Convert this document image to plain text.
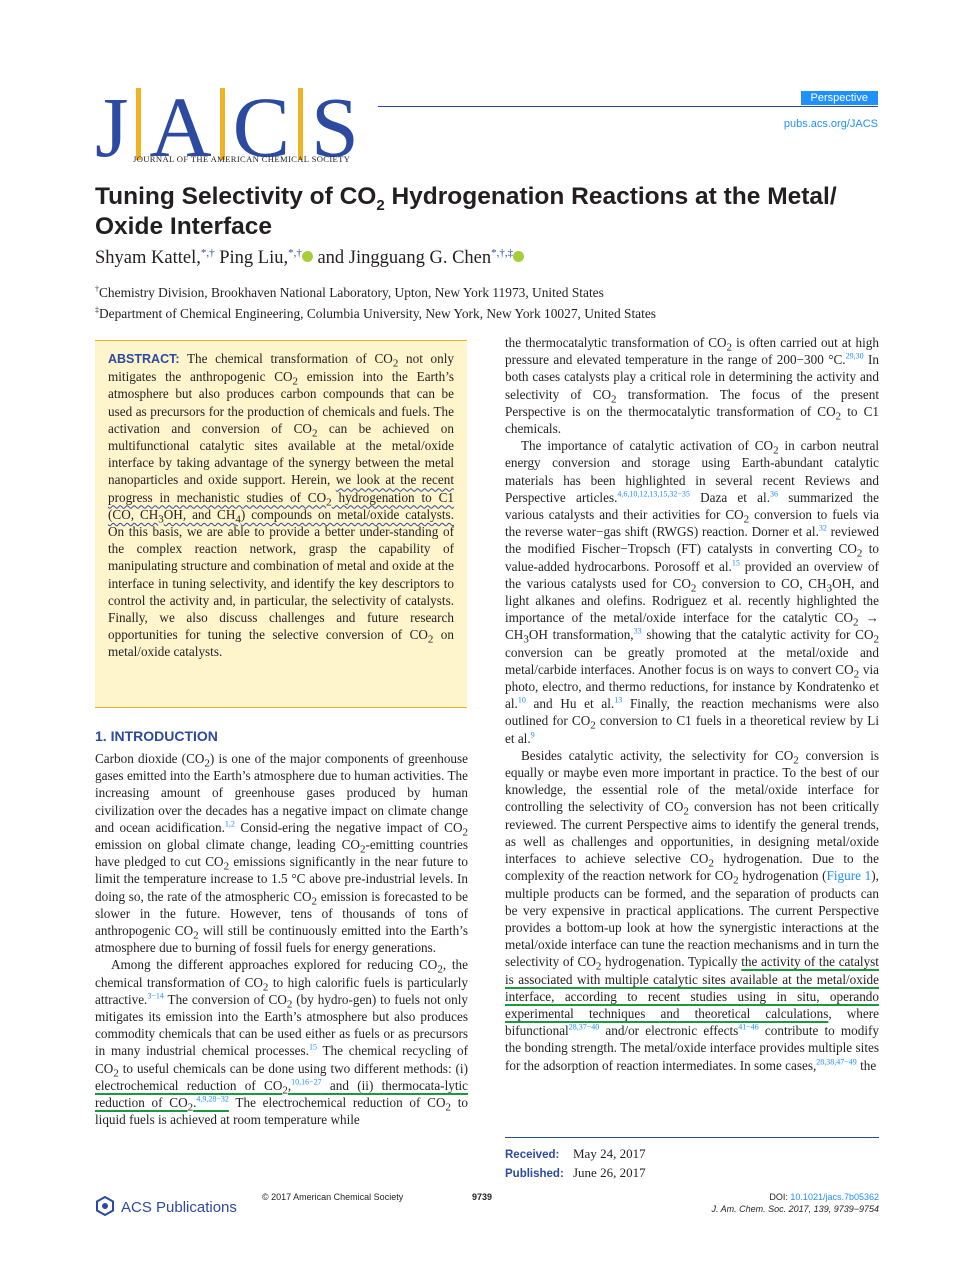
J A C S
JOURNAL OF THE AMERICAN CHEMICAL SOCIETY
Perspective
pubs.acs.org/JACS
Tuning Selectivity of $CO_2$ Hydrogenation Reactions at the Metal/
Oxide Interface
Shyam Kattel,*,† Ping Liu,*,† and Jingguang G. Chen*,†,‡
†Chemistry Division, Brookhaven National Laboratory, Upton, New York 11973, United States
‡Department of Chemical Engineering, Columbia University, New York, New York 10027, United States

ABSTRACT: The chemical transformation of $CO_2$ not only mitigates the anthropogenic $CO_2$ emission into the Earth’s atmosphere but also produces carbon compounds that can be used as precursors for the production of chemicals and fuels. The activation and conversion of $CO_2$ can be achieved on multifunctional catalytic sites available at the metal/oxide interface by taking advantage of the synergy between the metal nanoparticles and oxide support. Herein, we look at the recent progress in mechanistic studies of $CO_2$ hydrogenation to C1 (CO, $CH_3OH$, and $CH_4$) compounds on metal/oxide catalysts. On this basis, we are able to provide a better under-standing of the complex reaction network, grasp the capability of manipulating structure and combination of metal and oxide at the interface in tuning selectivity, and identify the key descriptors to control the activity and, in particular, the selectivity of catalysts. Finally, we also discuss challenges and future research opportunities for tuning the selective conversion of $CO_2$ on metal/oxide catalysts.

1. INTRODUCTION

Carbon dioxide $(CO_2)$ is one of the major components of greenhouse gases emitted into the Earth’s atmosphere due to human activities. The increasing amount of greenhouse gases produced by human civilization over the decades has a negative impact on climate change and ocean acidification.$^{1,2}$ Consid-ering the negative impact of $CO_2$ emission on global climate change, leading $CO_2$-emitting countries have pledged to cut $CO_2$ emissions significantly in the near future to limit the temperature increase to 1.5 °C above pre-industrial levels. In doing so, the rate of the atmospheric $CO_2$ emission is forecasted to be slower in the future. However, tens of thousands of tons of anthropogenic $CO_2$ will still be continuously emitted into the Earth’s atmosphere due to burning of fossil fuels for energy generations.

Among the different approaches explored for reducing $CO_2$, the chemical transformation of $CO_2$ to high calorific fuels is particularly attractive.$^{3-14}$ The conversion of $CO_2$ (by hydro-gen) to fuels not only mitigates its emission into the Earth’s atmosphere but also produces commodity chemicals that can be used either as fuels or as precursors in many industrial chemical processes.$^{15}$ The chemical recycling of $CO_2$ to useful chemicals can be done using two different methods: (i) electrochemical reduction of $CO_2,^{10,16-27}$ and (ii) thermocata-lytic reduction of $CO_2.^{4,9,28-32}$ The electrochemical reduction of $CO_2$ to liquid fuels is achieved at room temperature while

the thermocatalytic transformation of $CO_2$ is often carried out at high pressure and elevated temperature in the range of 200−300 °C.$^{29,30}$ In both cases catalysts play a critical role in determining the activity and selectivity of $CO_2$ transformation. The focus of the present Perspective is on the thermocatalytic transformation of $CO_2$ to C1 chemicals.

The importance of catalytic activation of $CO_2$ in carbon neutral energy conversion and storage using Earth-abundant catalytic materials has been highlighted in several recent Reviews and Perspective articles.$^{4,6,10,12,13,15,32-35}$ Daza et al.$^{36}$ summarized the various catalysts and their activities for $CO_2$ conversion to fuels via the reverse water−gas shift (RWGS) reaction. Dorner et al.$^{32}$ reviewed the modified Fischer−Tropsch (FT) catalysts in converting $CO_2$ to value-added hydrocarbons. Porosoff et al.$^{15}$ provided an overview of the various catalysts used for $CO_2$ conversion to CO, $CH_3OH$, and light alkanes and olefins. Rodriguez et al. recently highlighted the importance of the metal/oxide interface for the catalytic $CO_2 \to CH_3OH$ transformation,$^{33}$ showing that the catalytic activity for $CO_2$ conversion can be greatly promoted at the metal/oxide and metal/carbide interfaces. Another focus is on ways to convert $CO_2$ via photo, electro, and thermo reductions, for instance by Kondratenko et al.$^{10}$ and Hu et al.$^{13}$ Finally, the reaction mechanisms were also outlined for $CO_2$ conversion to C1 fuels in a theoretical review by Li et al.$^9$

Besides catalytic activity, the selectivity for $CO_2$ conversion is equally or maybe even more important in practice. To the best of our knowledge, the essential role of the metal/oxide interface for controlling the selectivity of $CO_2$ conversion has not been critically reviewed. The current Perspective aims to identify the general trends, as well as challenges and opportunities, in designing metal/oxide interfaces to achieve selective $CO_2$ hydrogenation. Due to the complexity of the reaction network for $CO_2$ hydrogenation (Figure 1), multiple products can be formed, and the separation of products can be very expensive in practical applications. The current Perspective provides a bottom-up look at how the synergistic interactions at the metal/oxide interface can tune the reaction mechanisms and in turn the selectivity of $CO_2$ hydrogenation. Typically the activity of the catalyst is associated with multiple catalytic sites available at the metal/oxide interface, according to recent studies using in situ, operando experimental techniques and theoretical calculations, where bifunctional$^{28,37-40}$ and/or electronic effects$^{41-46}$ contribute to modify the bonding strength. The metal/oxide interface provides multiple sites for the adsorption of reaction intermediates. In some cases,$^{28,38,47-49}$ the

Received: May 24, 2017
Published: June 26, 2017
ACS Publications
© 2017 American Chemical Society	9739	DOI: 10.1021/jacs.7b05362
J. Am. Chem. Soc. 2017, 139, 9739−9754
